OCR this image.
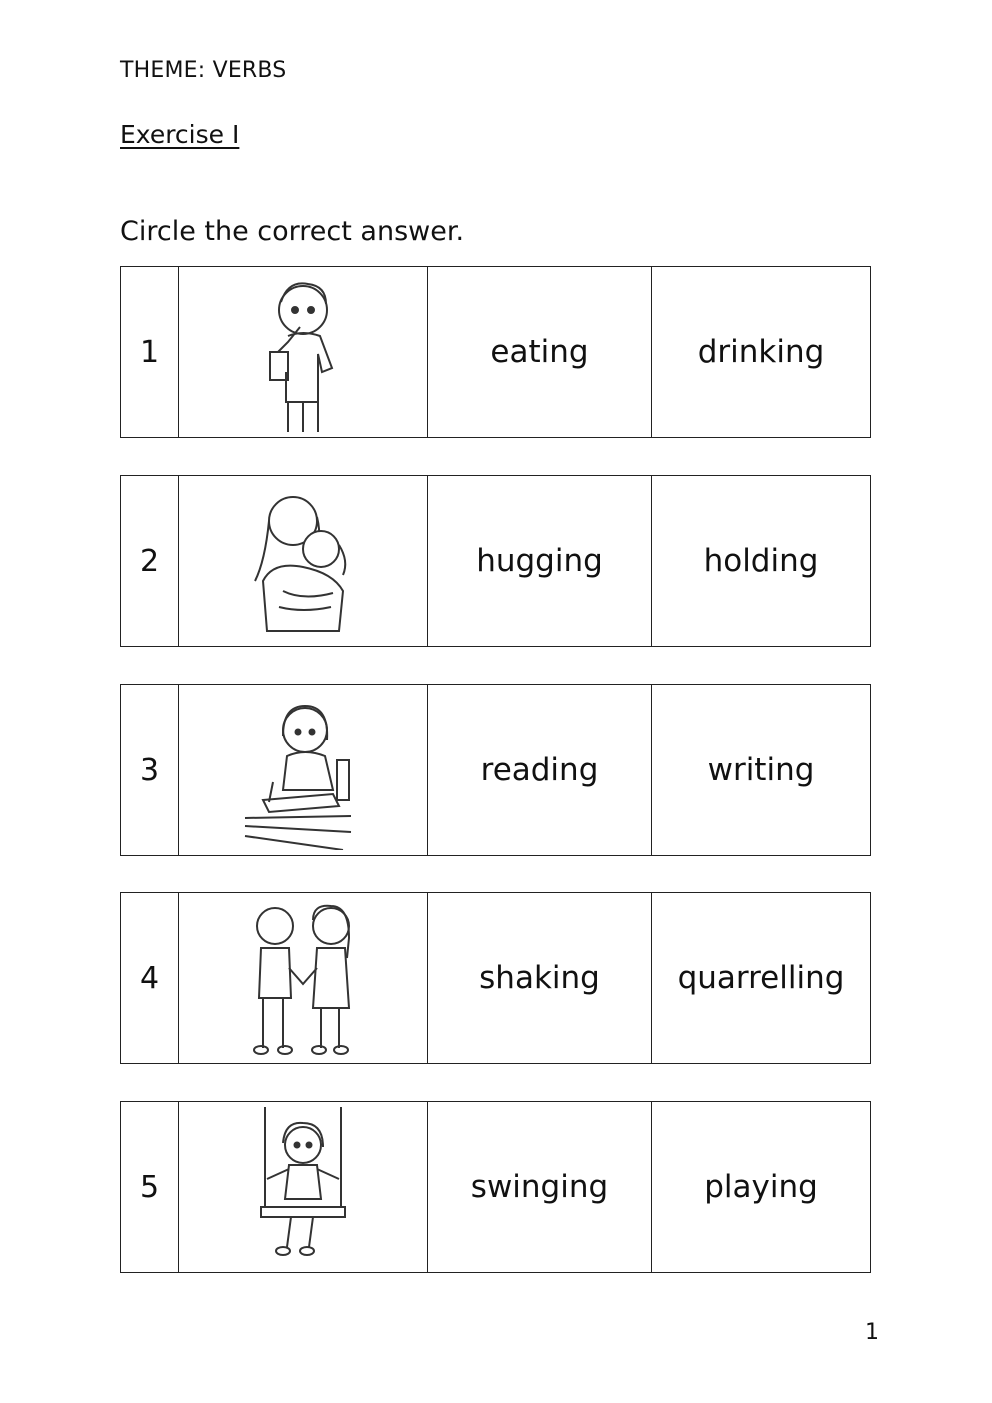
THEME: VERBS
Exercise I
Circle the correct answer.
1	eating	drinking
2	hugging	holding
3	reading	writing
4	shaking	quarrelling
5	swinging	playing
1
